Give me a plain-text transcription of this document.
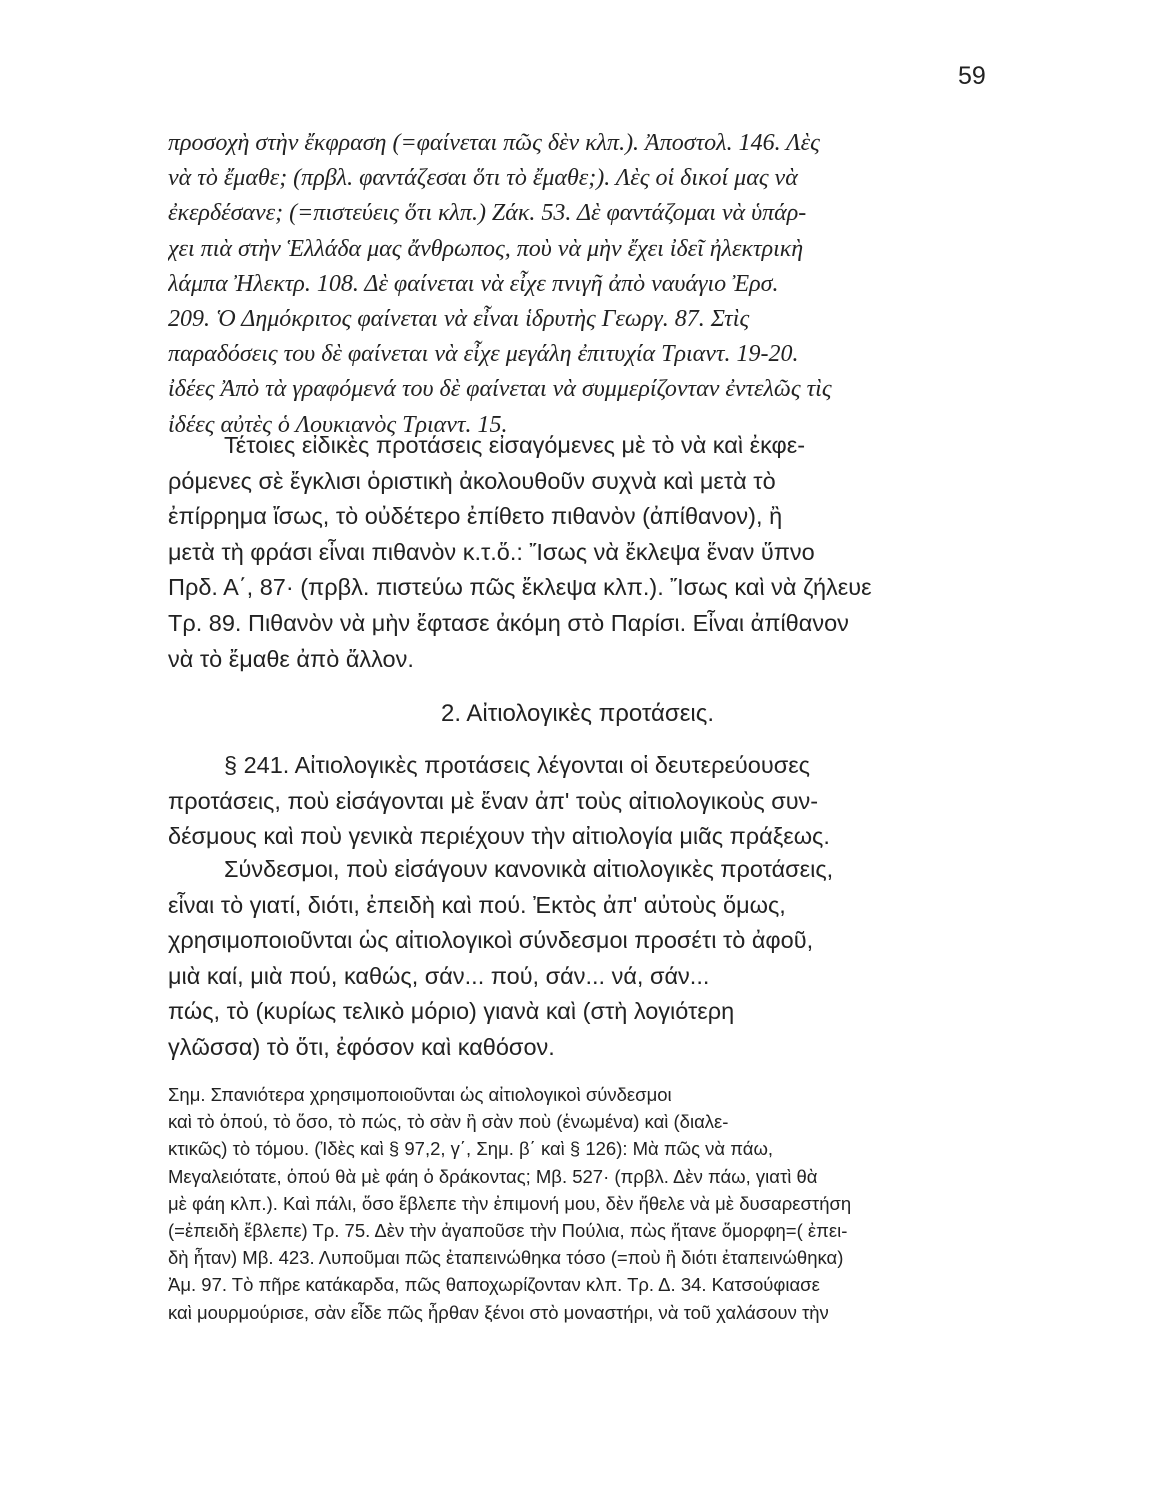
59
προσοχὴ στὴν ἔκφραση (=φαίνεται πῶς δὲν κλπ.). Ἀποστολ. 146. Λὲς
νὰ τὸ ἔμαθε; (πρβλ. φαντάζεσαι ὅτι τὸ ἔμαθε;). Λὲς οἱ δικοί μας νὰ
ἐκερδέσανε; (=πιστεύεις ὅτι κλπ.) Ζάκ. 53. Δὲ φαντάζομαι νὰ ὑπάρ-
χει πιὰ στὴν Ἑλλάδα μας ἄνθρωπος, ποὺ νὰ μὴν ἔχει ἰδεῖ ἠλεκτρικὴ
λάμπα Ἠλεκτρ. 108. Δὲ φαίνεται νὰ εἶχε πνιγῆ ἀπὸ ναυάγιο Ἐρσ.
209. Ὁ Δημόκριτος φαίνεται νὰ εἶναι ἱδρυτὴς Γεωργ. 87. Στὶς
παραδόσεις του δὲ φαίνεται νὰ εἶχε μεγάλη ἐπιτυχία Τριαντ. 19-20.
ἰδέες Ἀπὸ τὰ γραφόμενά του δὲ φαίνεται νὰ συμμερίζονταν ἐντελῶς τὶς
ἰδέες αὐτὲς ὁ Λουκιανὸς Τριαντ. 15.
Τέτοιες εἰδικὲς προτάσεις εἰσαγόμενες μὲ τὸ νὰ καὶ ἐκφε-
ρόμενες σὲ ἔγκλισι ὁριστικὴ ἀκολουθοῦν συχνὰ καὶ μετὰ τὸ
ἐπίρρημα ἴσως, τὸ οὐδέτερο ἐπίθετο πιθανὸν (ἀπίθανον), ἢ
μετὰ τὴ φράσι εἶναι πιθανὸν κ.τ.ὅ.: Ἴσως νὰ ἔκλεψα ἕναν ὕπνο
Πρδ. Α΄, 87· (πρβλ. πιστεύω πῶς ἔκλεψα κλπ.). Ἴσως καὶ νὰ ζήλευε
Τρ. 89. Πιθανὸν νὰ μὴν ἔφτασε ἀκόμη στὸ Παρίσι. Εἶναι ἀπίθανον
νὰ τὸ ἔμαθε ἀπὸ ἄλλον.
2. Αἰτιολογικὲς προτάσεις.
§ 241. Αἰτιολογικὲς προτάσεις λέγονται οἱ δευτερεύουσες
προτάσεις, ποὺ εἰσάγονται μὲ ἕναν ἀπ' τοὺς αἰτιολογικοὺς συν-
δέσμους καὶ ποὺ γενικὰ περιέχουν τὴν αἰτιολογία μιᾶς πράξεως.
Σύνδεσμοι, ποὺ εἰσάγουν κανονικὰ αἰτιολογικὲς προτάσεις,
εἶναι τὸ γιατί, διότι, ἐπειδὴ καὶ πού. Ἐκτὸς ἀπ' αὐτοὺς ὅμως,
χρησιμοποιοῦνται ὡς αἰτιολογικοὶ σύνδεσμοι προσέτι τὸ ἀφοῦ,
μιὰ καί, μιὰ πού, καθώς, σάν... πού, σάν... νά, σάν...
πώς, τὸ (κυρίως τελικὸ μόριο) γιανὰ καὶ (στὴ λογιότερη
γλῶσσα) τὸ ὅτι, ἐφόσον καὶ καθόσον.
Σημ. Σπανιότερα χρησιμοποιοῦνται ὡς αἰτιολογικοὶ σύνδεσμοι
καὶ τὸ ὁπού, τὸ ὅσο, τὸ πώς, τὸ σὰν ἢ σὰν ποὺ (ἑνωμένα) καὶ (διαλε-
κτικῶς) τὸ τόμου. (Ἰδὲς καὶ § 97,2, γ΄, Σημ. β΄ καὶ § 126): Μὰ πῶς νὰ πάω,
Μεγαλειότατε, ὁπού θὰ μὲ φάη ὁ δράκοντας; Μβ. 527· (πρβλ. Δὲν πάω, γιατὶ θὰ
μὲ φάη κλπ.). Καὶ πάλι, ὅσο ἔβλεπε τὴν ἐπιμονή μου, δὲν ἤθελε νὰ μὲ δυσαρεστήση
(=ἐπειδὴ ἔβλεπε) Τρ. 75. Δὲν τὴν ἀγαποῦσε τὴν Πούλια, πὼς ἤτανε ὅμορφη=( ἐπει-
δὴ ἦταν) Μβ. 423. Λυποῦμαι πῶς ἐταπεινώθηκα τόσο (=ποὺ ἢ διότι ἐταπεινώθηκα)
Ἀμ. 97. Τὸ πῆρε κατάκαρδα, πῶς θαποχωρίζονταν κλπ. Τρ. Δ. 34. Κατσούφιασε
καὶ μουρμούρισε, σὰν εἶδε πῶς ἦρθαν ξένοι στὸ μοναστήρι, νὰ τοῦ χαλάσουν τὴν
